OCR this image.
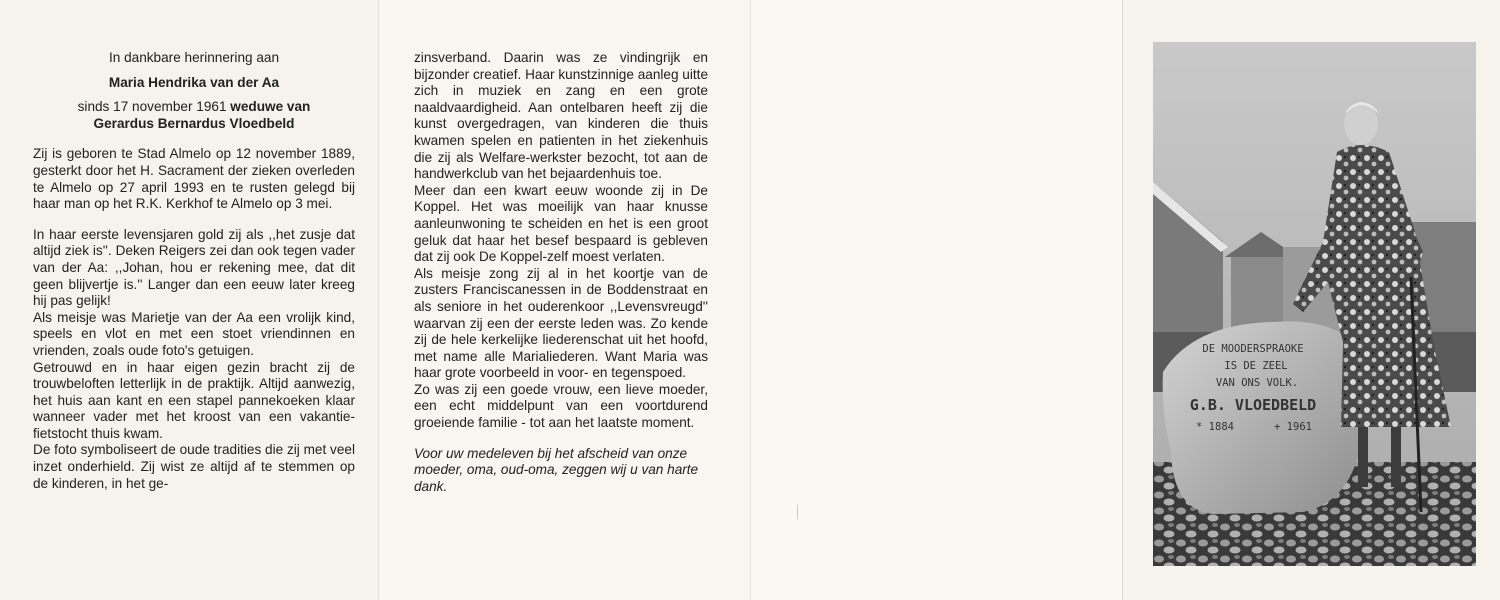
In dankbare herinnering aan

Maria Hendrika van der Aa

sinds 17 november 1961 weduwe van

Gerardus Bernardus Vloedbeld

Zij is geboren te Stad Almelo op 12 november 1889, gesterkt door het H. Sacrament der zieken overleden te Almelo op 27 april 1993 en te rusten gelegd bij haar man op het R.K. Kerkhof te Almelo op 3 mei.

In haar eerste levensjaren gold zij als ,,het zusje dat altijd ziek is''. Deken Reigers zei dan ook tegen vader van der Aa: ,,Johan, hou er rekening mee, dat dit geen blijvertje is.'' Langer dan een eeuw later kreeg hij pas gelijk!

Als meisje was Marietje van der Aa een vrolijk kind, speels en vlot en met een stoet vriendinnen en vrienden, zoals oude foto's getuigen.

Getrouwd en in haar eigen gezin bracht zij de trouwbeloften letterlijk in de praktijk. Altijd aanwezig, het huis aan kant en een stapel pannekoeken klaar wanneer vader met het kroost van een vakantie-fietstocht thuis kwam.

De foto symboliseert de oude tradities die zij met veel inzet onderhield. Zij wist ze altijd af te stemmen op de kinderen, in het ge-

zinsverband. Daarin was ze vindingrijk en bijzonder creatief. Haar kunstzinnige aanleg uitte zich in muziek en zang en een grote naaldvaardigheid. Aan ontelbaren heeft zij die kunst overgedragen, van kinderen die thuis kwamen spelen en patienten in het ziekenhuis die zij als Welfare-werkster bezocht, tot aan de handwerkclub van het bejaardenhuis toe.

Meer dan een kwart eeuw woonde zij in De Koppel. Het was moeilijk van haar knusse aanleunwoning te scheiden en het is een groot geluk dat haar het besef bespaard is gebleven dat zij ook De Koppel-zelf moest verlaten.

Als meisje zong zij al in het koortje van de zusters Franciscanessen in de Boddenstraat en als seniore in het ouderenkoor ,,Levensvreugd'' waarvan zij een der eerste leden was. Zo kende zij de hele kerkelijke liederenschat uit het hoofd, met name alle Marialiederen. Want Maria was haar grote voorbeeld in voor- en tegenspoed.

Zo was zij een goede vrouw, een lieve moeder, een echt middelpunt van een voortdurend groeiende familie - tot aan het laatste moment.

Voor uw medeleven bij het afscheid van onze moeder, oma, oud-oma, zeggen wij u van harte dank.

DE MOODERSPRAOKE
IS DE ZEEL
VAN ONS VOLK.
G.B. VLOEDBELD
* 1884	+ 1961
